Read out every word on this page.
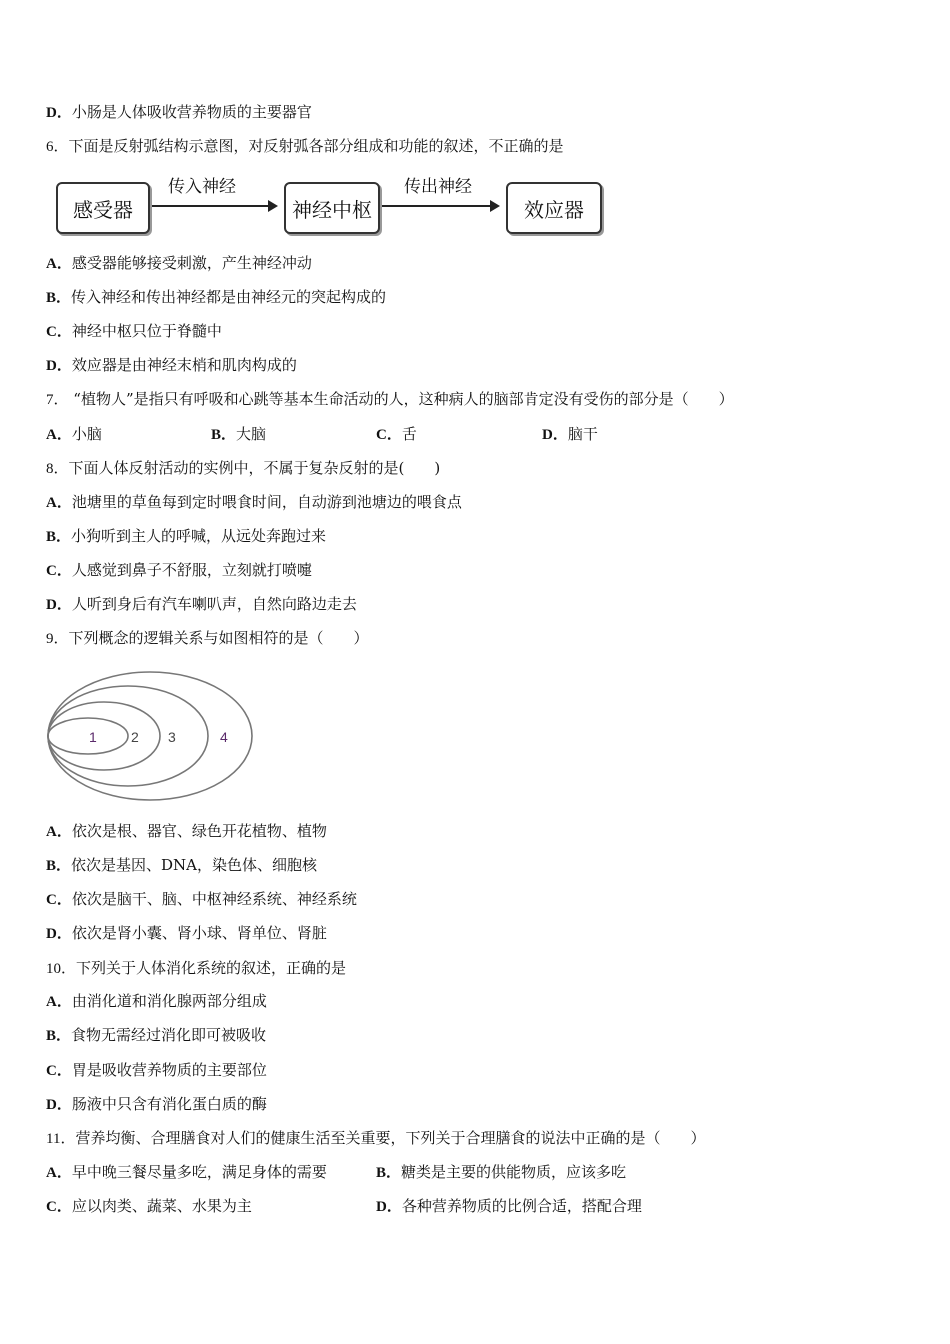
D．小肠是人体吸收营养物质的主要器官
6．下面是反射弧结构示意图，对反射弧各部分组成和功能的叙述，不正确的是
感受器
传入神经
神经中枢
传出神经
效应器
A．感受器能够接受刺激，产生神经冲动
B．传入神经和传出神经都是由神经元的突起构成的
C．神经中枢只位于脊髓中
D．效应器是由神经末梢和肌肉构成的
7． “植物人”是指只有呼吸和心跳等基本生命活动的人，这种病人的脑部肯定没有受伤的部分是（　　）
A．小脑	B．大脑	C．舌	D．脑干
8．下面人体反射活动的实例中，不属于复杂反射的是(　　)
A．池塘里的草鱼每到定时喂食时间，自动游到池塘边的喂食点
B．小狗听到主人的呼喊，从远处奔跑过来
C．人感觉到鼻子不舒服，立刻就打喷嚏
D．人听到身后有汽车喇叭声，自然向路边走去
9．下列概念的逻辑关系与如图相符的是（　　）
1 2 3	4
A．依次是根、器官、绿色开花植物、植物
B．依次是基因、DNA，染色体、细胞核
C．依次是脑干、脑、中枢神经系统、神经系统
D．依次是肾小囊、肾小球、肾单位、肾脏
10．下列关于人体消化系统的叙述，正确的是
A．由消化道和消化腺两部分组成
B．食物无需经过消化即可被吸收
C．胃是吸收营养物质的主要部位
D．肠液中只含有消化蛋白质的酶
11．营养均衡、合理膳食对人们的健康生活至关重要，下列关于合理膳食的说法中正确的是（　　）
A．早中晚三餐尽量多吃，满足身体的需要	B．糖类是主要的供能物质，应该多吃
C．应以肉类、蔬菜、水果为主	D．各种营养物质的比例合适，搭配合理
